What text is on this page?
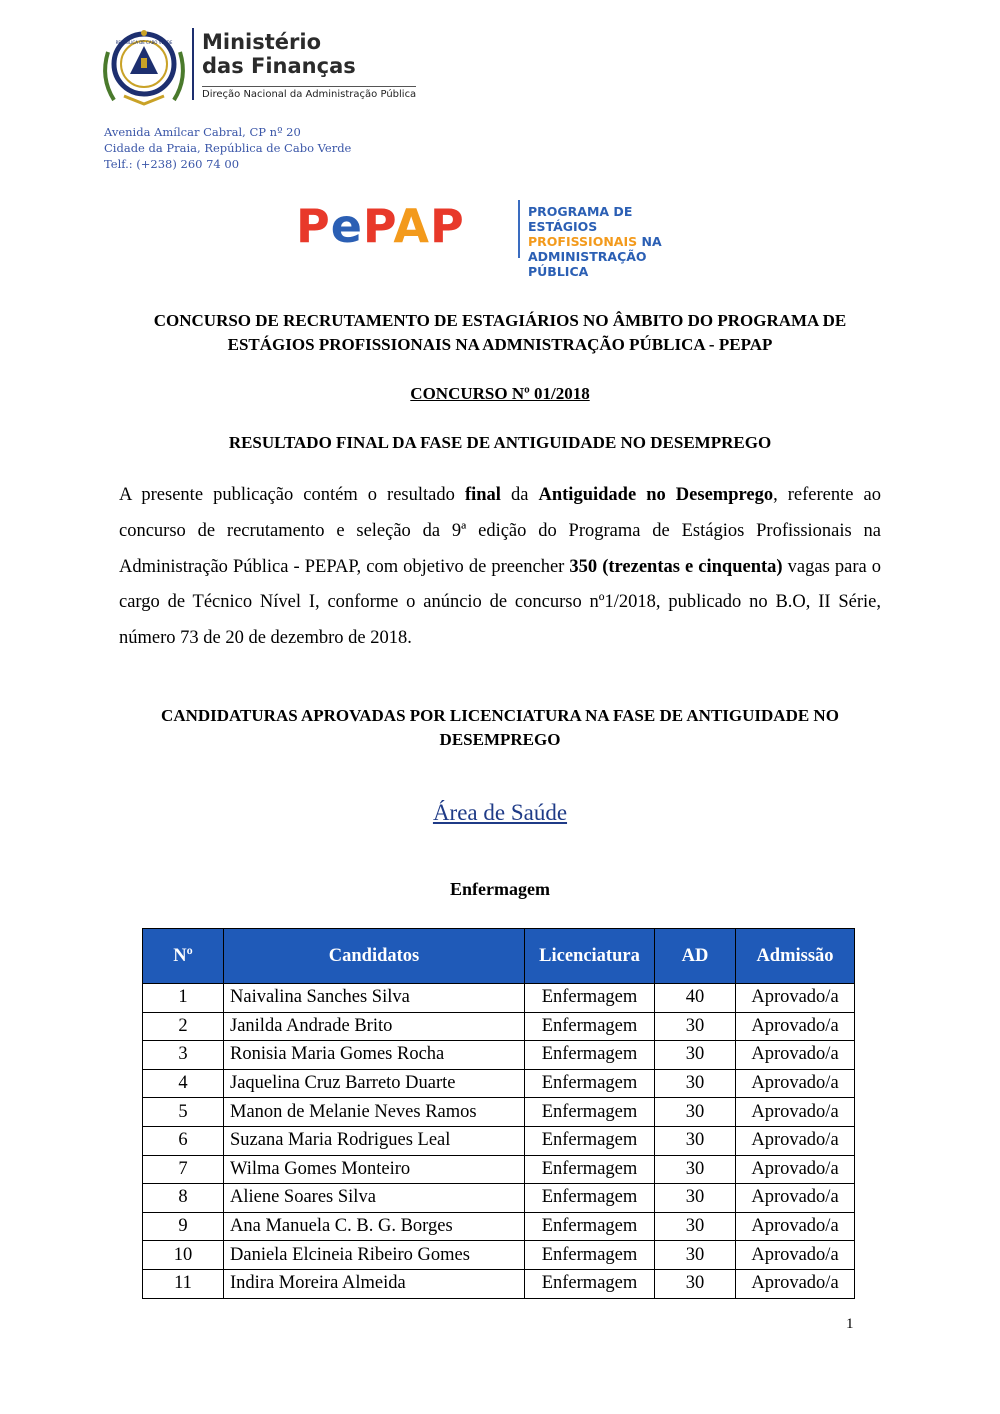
REPÚBLICA DE CABO VERDE Ministério
das Finanças
Direção Nacional da Administração Pública
Avenida Amílcar Cabral, CP nº 20
Cidade da Praia, República de Cabo Verde
Telf.: (+238) 260 74 00
PePAP	PROGRAMA DE ESTÁGIOS
PROFISSIONAIS NA
ADMINISTRAÇÃO PÚBLICA
CONCURSO DE RECRUTAMENTO DE ESTAGIÁRIOS NO ÂMBITO DO PROGRAMA DE
ESTÁGIOS PROFISSIONAIS NA ADMNISTRAÇÃO PÚBLICA - PEPAP
CONCURSO Nº 01/2018
RESULTADO FINAL DA FASE DE ANTIGUIDADE NO DESEMPREGO
A presente publicação contém o resultado final da Antiguidade no Desemprego, referente ao concurso de recrutamento e seleção da 9ª edição do Programa de Estágios Profissionais na Administração Pública - PEPAP, com objetivo de preencher 350 (trezentas e cinquenta) vagas para o cargo de Técnico Nível I, conforme o anúncio de concurso nº1/2018, publicado no B.O, II Série, número 73 de 20 de dezembro de 2018.
CANDIDATURAS APROVADAS POR LICENCIATURA NA FASE DE ANTIGUIDADE NO
DESEMPREGO
Área de Saúde
Enfermagem
Nº	Candidatos	Licenciatura	AD	Admissão
1	Naivalina Sanches Silva	Enfermagem	40	Aprovado/a
2	Janilda Andrade Brito	Enfermagem	30	Aprovado/a
3	Ronisia Maria Gomes Rocha	Enfermagem	30	Aprovado/a
4	Jaquelina Cruz Barreto Duarte	Enfermagem	30	Aprovado/a
5	Manon de Melanie Neves Ramos	Enfermagem	30	Aprovado/a
6	Suzana Maria Rodrigues Leal	Enfermagem	30	Aprovado/a
7	Wilma Gomes Monteiro	Enfermagem	30	Aprovado/a
8	Aliene Soares Silva	Enfermagem	30	Aprovado/a
9	Ana Manuela C. B. G. Borges	Enfermagem	30	Aprovado/a
10	Daniela Elcineia Ribeiro Gomes	Enfermagem	30	Aprovado/a
11	Indira Moreira Almeida	Enfermagem	30	Aprovado/a
1
